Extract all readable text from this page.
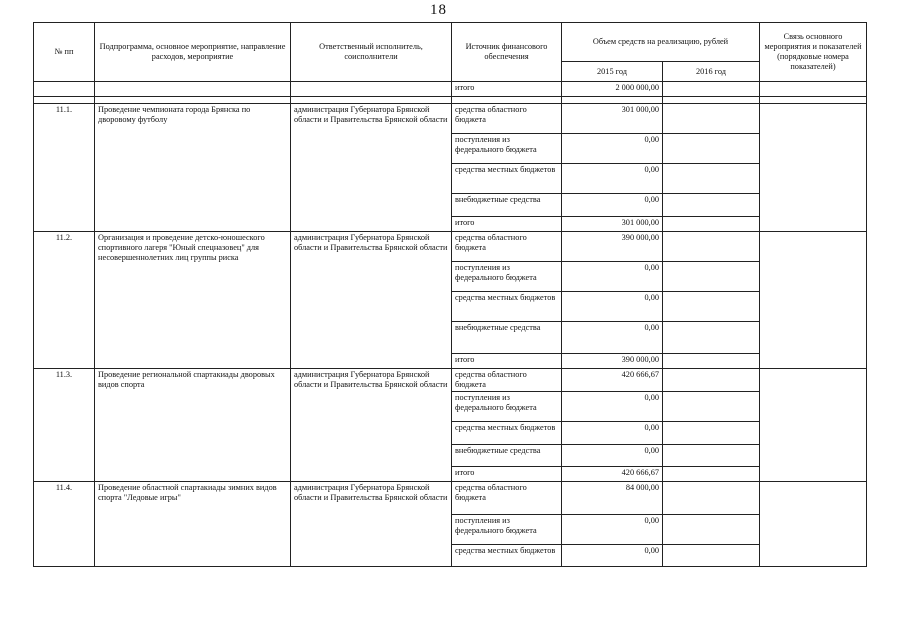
18
№ пп	Подпрограмма, основное мероприятие, направление расходов, мероприятие	Ответственный исполнитель, соисполнители	Источник финансового обеспечения	Объем средств на реализацию, рублей		Связь основного мероприятия и показателей (порядковые номера показателей)
				2015 год	2016 год	
			итого	2 000 000,00		

11.1.	Проведение чемпионата города Брянска по дворовому футболу	администрация Губернатора Брянской области и Правительства Брянской области	средства областного бюджета	301 000,00		
			поступления из федерального бюджета	0,00		
			средства местных бюджетов	0,00		
			внебюджетные средства	0,00		
			итого	301 000,00		
11.2.	Организация и проведение детско-юношеского спортивного лагеря "Юный спецназовец" для несовершеннолетних лиц группы риска	администрация Губернатора Брянской области и Правительства Брянской области	средства областного бюджета	390 000,00		
			поступления из федерального бюджета	0,00		
			средства местных бюджетов	0,00		
			внебюджетные средства	0,00		
			итого	390 000,00		
11.3.	Проведение региональной спартакиады дворовых видов спорта	администрация Губернатора Брянской области и Правительства Брянской области	средства областного бюджета	420 666,67		
			поступления из федерального бюджета	0,00		
			средства местных бюджетов	0,00		
			внебюджетные средства	0,00		
			итого	420 666,67		
11.4.	Проведение областной спартакиады зимних видов спорта "Ледовые игры"	администрация Губернатора Брянской области и Правительства Брянской области	средства областного бюджета	84 000,00		
			поступления из федерального бюджета	0,00		
			средства местных бюджетов	0,00		
